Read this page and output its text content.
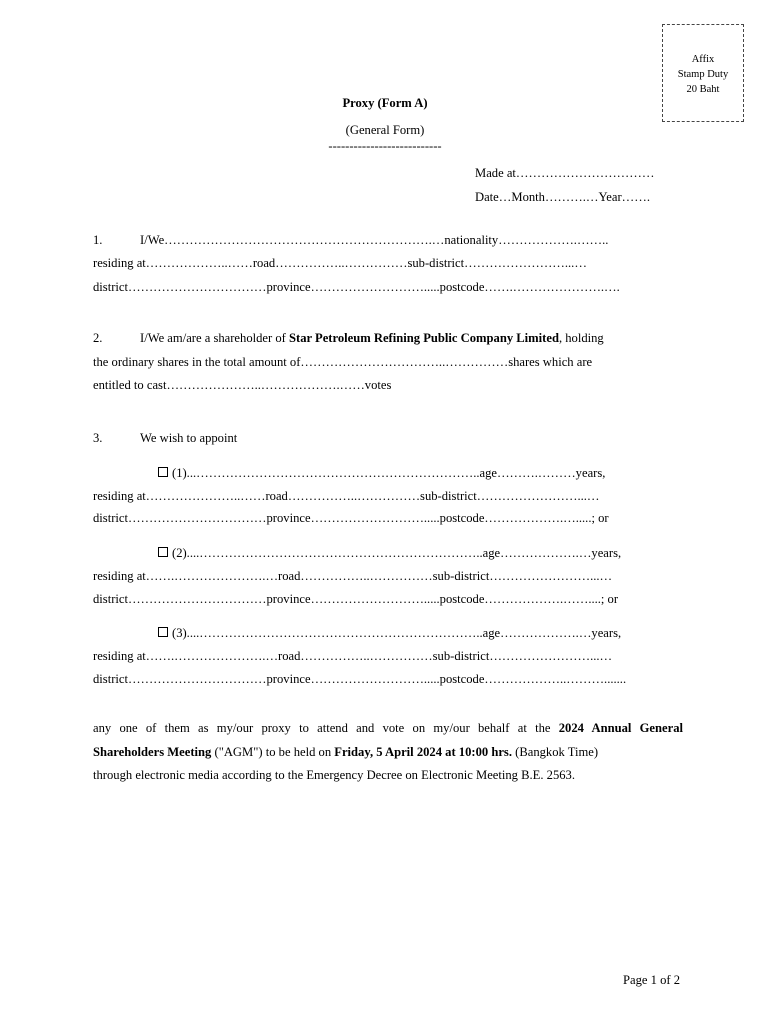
Affix
Stamp Duty
20 Baht
Proxy (Form A)
(General Form)
---------------------------
Made at……………………………
Date…Month……….…Year…….
1.	I/We……………………………………………………….…nationality……………….……..
residing at………………..……road……………..……………sub-district……………………...…
district……………………………province……………………….....postcode…….………………….….
2.	I/We am/are a shareholder of Star Petroleum Refining Public Company Limited, holding
the ordinary shares in the total amount of……………………………..……………shares which are
entitled to cast…………………..……………….……votes
3.	We wish to appoint
(1)...…………………………………………………………..age……….………years,
residing at…………………..……road……………..……………sub-district……………………...…
district……………………………province……………………….....postcode……………….….....; or
(2)....…………………………………………………………..age……………….…years,
residing at…….………………….…road……………..……………sub-district……………………...…
district……………………………province……………………….....postcode……………….……....; or
(3)....…………………………………………………………..age……………….…years,
residing at…….………………….…road……………..……………sub-district……………………...…
district……………………………province……………………….....postcode………………..……….......
any one of them as my/our proxy to attend and vote on my/our behalf at the 2024 Annual General
Shareholders Meeting ("AGM") to be held on Friday, 5 April 2024 at 10:00 hrs. (Bangkok Time)
through electronic media according to the Emergency Decree on Electronic Meeting B.E. 2563.
Page 1 of 2
